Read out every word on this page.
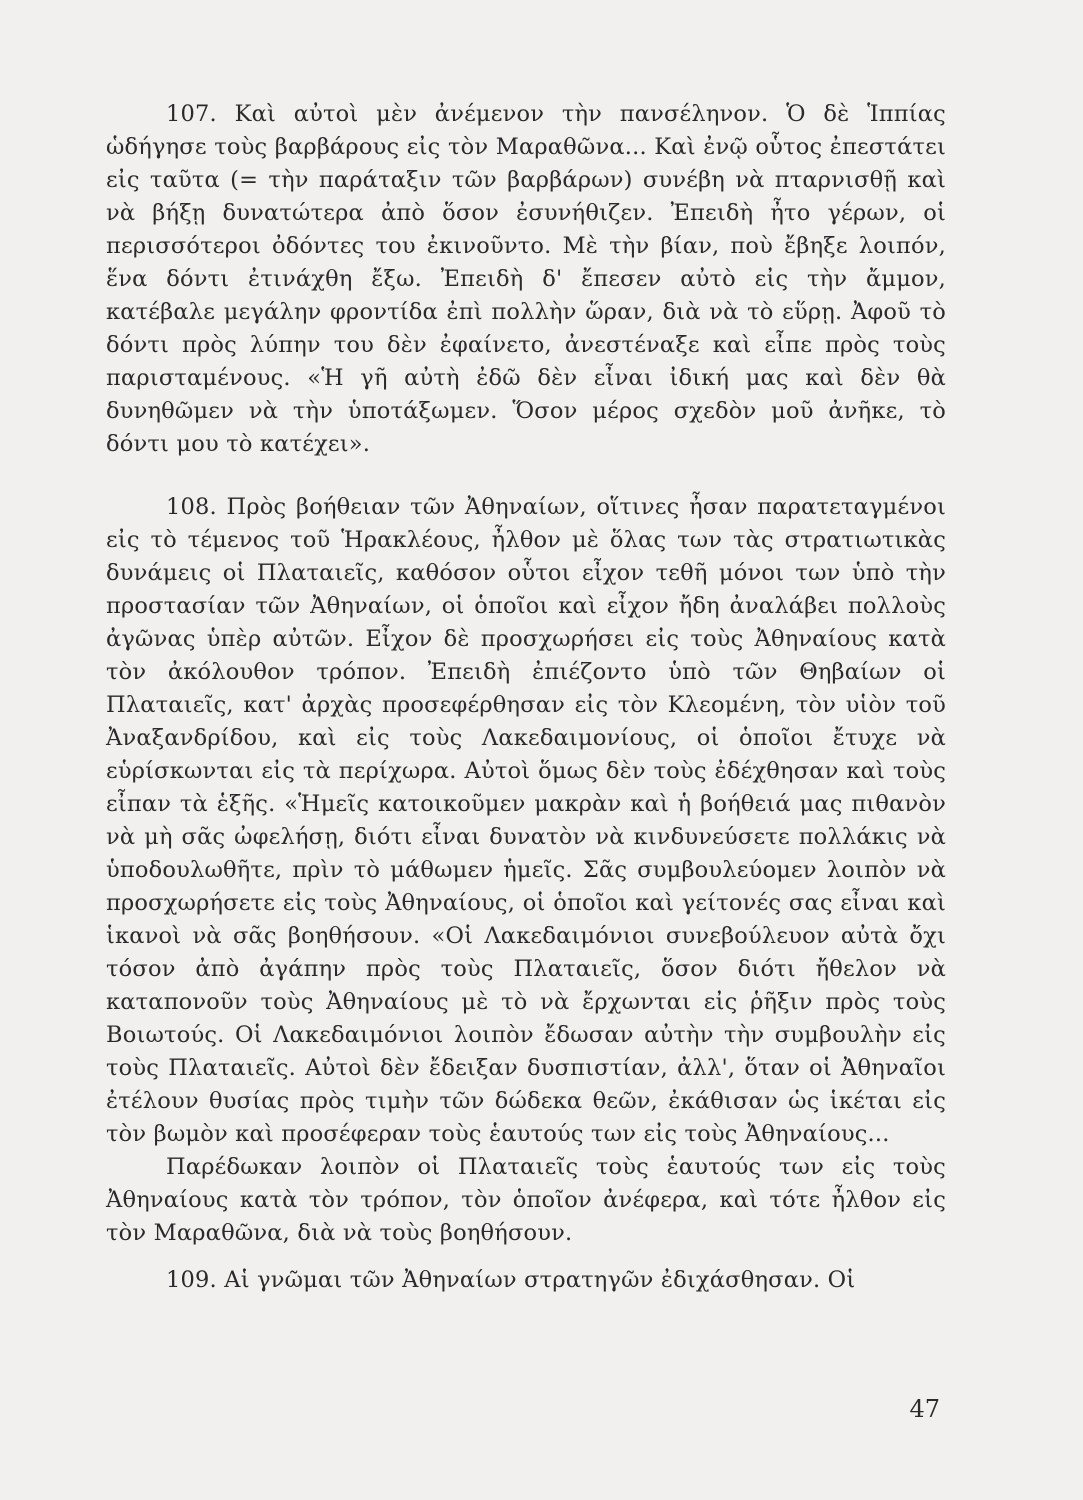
107. Καὶ αὐτοὶ μὲν ἀνέμενον τὴν πανσέληνον. Ὁ δὲ Ἱππίας ὡδήγησε τοὺς βαρβάρους εἰς τὸν Μαραθῶνα... Καὶ ἐνῷ οὗτος ἐπεστάτει εἰς ταῦτα (= τὴν παράταξιν τῶν βαρβάρων) συνέβη νὰ πταρνισθῇ καὶ νὰ βήξῃ δυνατώτερα ἀπὸ ὅσον ἐσυνήθιζεν. Ἐπειδὴ ἦτο γέρων, οἱ περισσότεροι ὀδόντες του ἐκινοῦντο. Μὲ τὴν βίαν, ποὺ ἔβηξε λοιπόν, ἕνα δόντι ἐτινάχθη ἔξω. Ἐπειδὴ δ' ἔπεσεν αὐτὸ εἰς τὴν ἄμμον, κατέβαλε μεγάλην φροντίδα ἐπὶ πολλὴν ὥραν, διὰ νὰ τὸ εὕρῃ. Ἀφοῦ τὸ δόντι πρὸς λύπην του δὲν ἐφαίνετο, ἀνεστέναξε καὶ εἶπε πρὸς τοὺς παρισταμένους. «Ἡ γῆ αὐτὴ ἐδῶ δὲν εἶναι ἰδική μας καὶ δὲν θὰ δυνηθῶμεν νὰ τὴν ὑποτάξωμεν. Ὅσον μέρος σχεδὸν μοῦ ἀνῆκε, τὸ δόντι μου τὸ κατέχει».

108. Πρὸς βοήθειαν τῶν Ἀθηναίων, οἵτινες ἦσαν παρατεταγμένοι εἰς τὸ τέμενος τοῦ Ἡρακλέους, ἦλθον μὲ ὅλας των τὰς στρατιωτικὰς δυνάμεις οἱ Πλαταιεῖς, καθόσον οὗτοι εἶχον τεθῆ μόνοι των ὑπὸ τὴν προστασίαν τῶν Ἀθηναίων, οἱ ὁποῖοι καὶ εἶχον ἤδη ἀναλάβει πολλοὺς ἀγῶνας ὑπὲρ αὐτῶν. Εἶχον δὲ προσχωρήσει εἰς τοὺς Ἀθηναίους κατὰ τὸν ἀκόλουθον τρόπον. Ἐπειδὴ ἐπιέζοντο ὑπὸ τῶν Θηβαίων οἱ Πλαταιεῖς, κατ' ἀρχὰς προσεφέρθησαν εἰς τὸν Κλεομένη, τὸν υἱὸν τοῦ Ἀναξανδρίδου, καὶ εἰς τοὺς Λακεδαιμονίους, οἱ ὁποῖοι ἔτυχε νὰ εὑρίσκωνται εἰς τὰ περίχωρα. Αὐτοὶ ὅμως δὲν τοὺς ἐδέχθησαν καὶ τοὺς εἶπαν τὰ ἑξῆς. «Ἡμεῖς κατοικοῦμεν μακρὰν καὶ ἡ βοήθειά μας πιθανὸν νὰ μὴ σᾶς ὠφελήσῃ, διότι εἶναι δυνατὸν νὰ κινδυνεύσετε πολλάκις νὰ ὑποδουλωθῆτε, πρὶν τὸ μάθωμεν ἡμεῖς. Σᾶς συμβουλεύομεν λοιπὸν νὰ προσχωρήσετε εἰς τοὺς Ἀθηναίους, οἱ ὁποῖοι καὶ γείτονές σας εἶναι καὶ ἱκανοὶ νὰ σᾶς βοηθήσουν. «Οἱ Λακεδαιμόνιοι συνεβούλευον αὐτὰ ὄχι τόσον ἀπὸ ἀγάπην πρὸς τοὺς Πλαταιεῖς, ὅσον διότι ἤθελον νὰ καταπονοῦν τοὺς Ἀθηναίους μὲ τὸ νὰ ἔρχωνται εἰς ῥῆξιν πρὸς τοὺς Βοιωτούς. Οἱ Λακεδαιμόνιοι λοιπὸν ἔδωσαν αὐτὴν τὴν συμβουλὴν εἰς τοὺς Πλαταιεῖς. Αὐτοὶ δὲν ἔδειξαν δυσπιστίαν, ἀλλ', ὅταν οἱ Ἀθηναῖοι ἐτέλουν θυσίας πρὸς τιμὴν τῶν δώδεκα θεῶν, ἐκάθισαν ὡς ἱκέται εἰς τὸν βωμὸν καὶ προσέφεραν τοὺς ἑαυτούς των εἰς τοὺς Ἀθηναίους...

Παρέδωκαν λοιπὸν οἱ Πλαταιεῖς τοὺς ἑαυτούς των εἰς τοὺς Ἀθηναίους κατὰ τὸν τρόπον, τὸν ὁποῖον ἀνέφερα, καὶ τότε ἦλθον εἰς τὸν Μαραθῶνα, διὰ νὰ τοὺς βοηθήσουν.

109. Αἱ γνῶμαι τῶν Ἀθηναίων στρατηγῶν ἐδιχάσθησαν. Οἱ

47
